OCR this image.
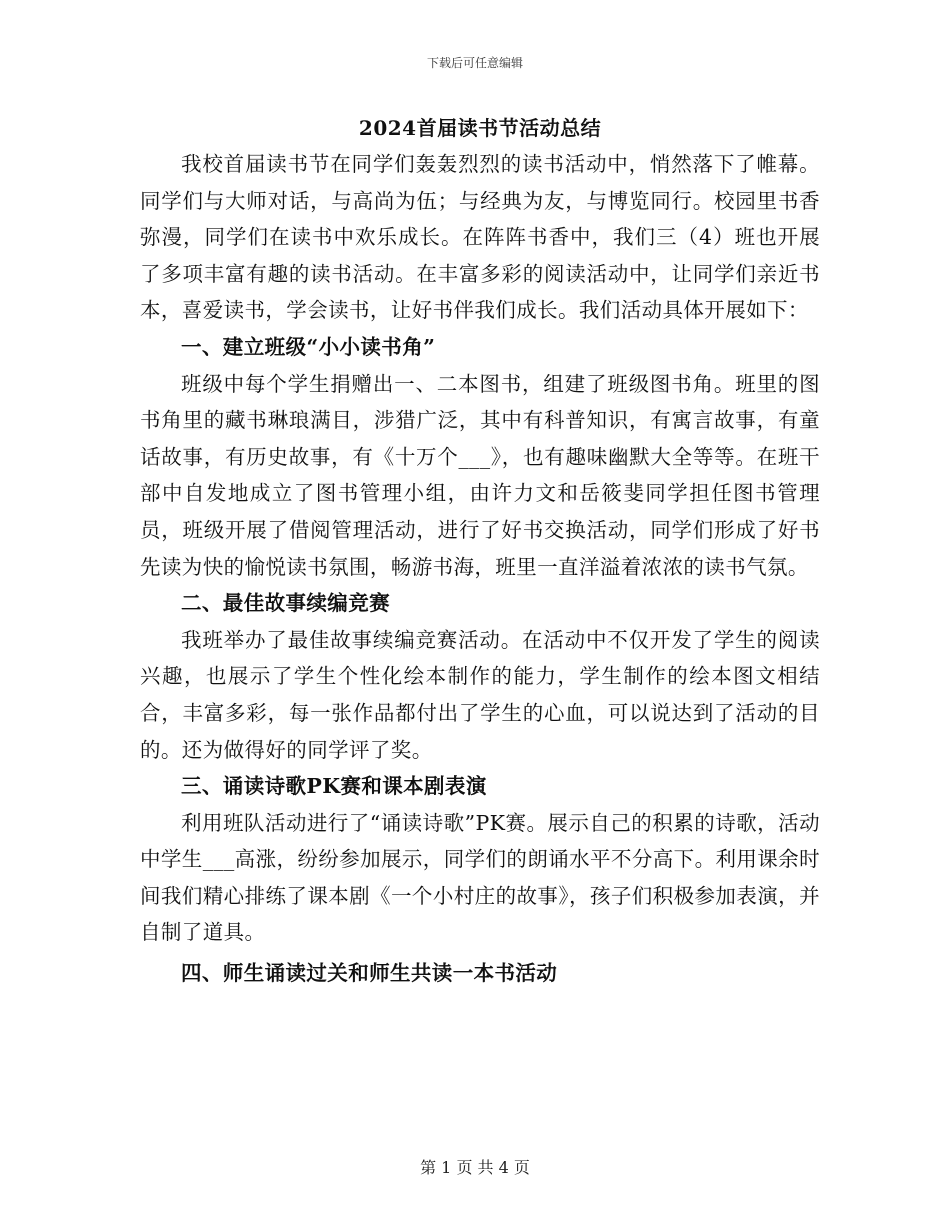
下载后可任意编辑
2024首届读书节活动总结

我校首届读书节在同学们轰轰烈烈的读书活动中，悄然落下了帷幕。同学们与大师对话，与高尚为伍；与经典为友，与博览同行。校园里书香弥漫，同学们在读书中欢乐成长。在阵阵书香中，我们三（4）班也开展了多项丰富有趣的读书活动。在丰富多彩的阅读活动中，让同学们亲近书本，喜爱读书，学会读书，让好书伴我们成长。我们活动具体开展如下：

一、建立班级“小小读书角”

班级中每个学生捐赠出一、二本图书，组建了班级图书角。班里的图书角里的藏书琳琅满目，涉猎广泛，其中有科普知识，有寓言故事，有童话故事，有历史故事，有《十万个___》，也有趣味幽默大全等等。在班干部中自发地成立了图书管理小组，由许力文和岳筱斐同学担任图书管理员，班级开展了借阅管理活动，进行了好书交换活动，同学们形成了好书先读为快的愉悦读书氛围，畅游书海，班里一直洋溢着浓浓的读书气氛。

二、最佳故事续编竞赛

我班举办了最佳故事续编竞赛活动。在活动中不仅开发了学生的阅读兴趣，也展示了学生个性化绘本制作的能力，学生制作的绘本图文相结合，丰富多彩，每一张作品都付出了学生的心血，可以说达到了活动的目的。还为做得好的同学评了奖。

三、诵读诗歌PK赛和课本剧表演

利用班队活动进行了“诵读诗歌”PK赛。展示自己的积累的诗歌，活动中学生___高涨，纷纷参加展示，同学们的朗诵水平不分高下。利用课余时间我们精心排练了课本剧《一个小村庄的故事》，孩子们积极参加表演，并自制了道具。

四、师生诵读过关和师生共读一本书活动
第 1 页 共 4 页
